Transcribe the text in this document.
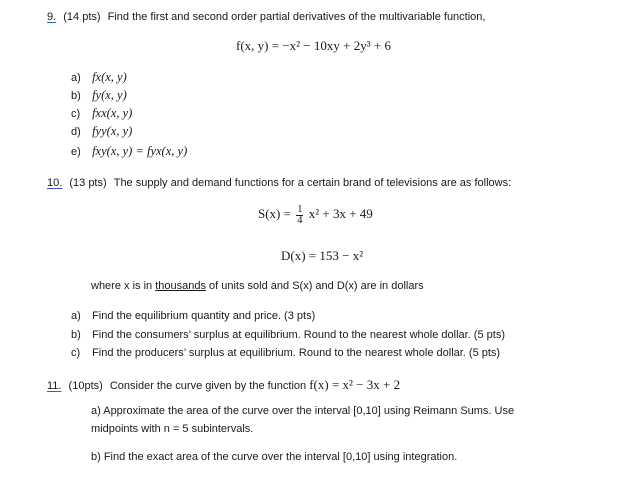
9. (14 pts) Find the first and second order partial derivatives of the multivariable function,
f(x, y) = −x² − 10xy + 2y³ + 6
a) fx(x, y)
b) fy(x, y)
c) fxx(x, y)
d) fyy(x, y)
e) fxy(x, y) = fyx(x, y)
10. (13 pts) The supply and demand functions for a certain brand of televisions are as follows:
$S(x) = \frac{1}{4} x^2 + 3x + 49$
D(x) = 153 − x²
where x is in thousands of units sold and S(x) and D(x) are in dollars
a) Find the equilibrium quantity and price. (3 pts)
b) Find the consumers’ surplus at equilibrium. Round to the nearest whole dollar. (5 pts)
c) Find the producers’ surplus at equilibrium. Round to the nearest whole dollar. (5 pts)
11. (10pts) Consider the curve given by the function f(x) = x² − 3x + 2
a) Approximate the area of the curve over the interval [0,10] using Reimann Sums. Use
midpoints with n = 5 subintervals.
b) Find the exact area of the curve over the interval [0,10] using integration.
